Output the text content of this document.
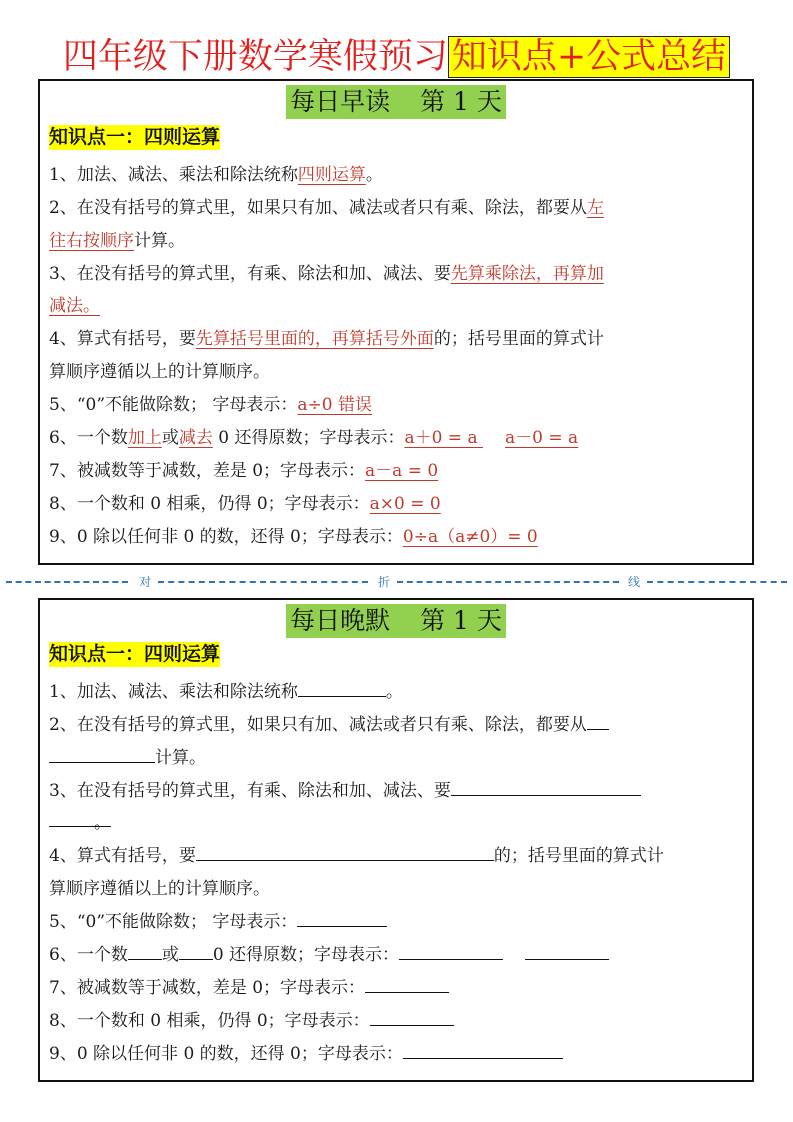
四年级下册数学寒假预习 知识点+公式总结
每日早读 第 1 天
知识点一：四则运算
1、加法、减法、乘法和除法统称四则运算。
2、在没有括号的算式里，如果只有加、减法或者只有乘、除法，都要从左
往右按顺序计算。
3、在没有括号的算式里，有乘、除法和加、减法、要先算乘除法，再算加
减法。
4、算式有括号，要先算括号里面的，再算括号外面的；括号里面的算式计
算顺序遵循以上的计算顺序。
5、“0”不能做除数； 字母表示：a÷0 错误
6、一个数加上或减去 0 还得原数；字母表示：a＋0 = a a－0 = a
7、被减数等于减数，差是 0；字母表示：a－a = 0
8、一个数和 0 相乘，仍得 0；字母表示：a×0 = 0
9、0 除以任何非 0 的数，还得 0；字母表示：0÷a（a≠0）= 0
对	折	线
每日晚默 第 1 天
知识点一：四则运算
1、加法、减法、乘法和除法统称	。
2、在没有括号的算式里，如果只有加、减法或者只有乘、除法，都要从
计算。
3、在没有括号的算式里，有乘、除法和加、减法、要
。
4、算式有括号，要	的；括号里面的算式计
算顺序遵循以上的计算顺序。
5、“0”不能做除数； 字母表示：
6、一个数 或 0 还得原数；字母表示：
7、被减数等于减数，差是 0；字母表示：
8、一个数和 0 相乘，仍得 0；字母表示：
9、0 除以任何非 0 的数，还得 0；字母表示：
